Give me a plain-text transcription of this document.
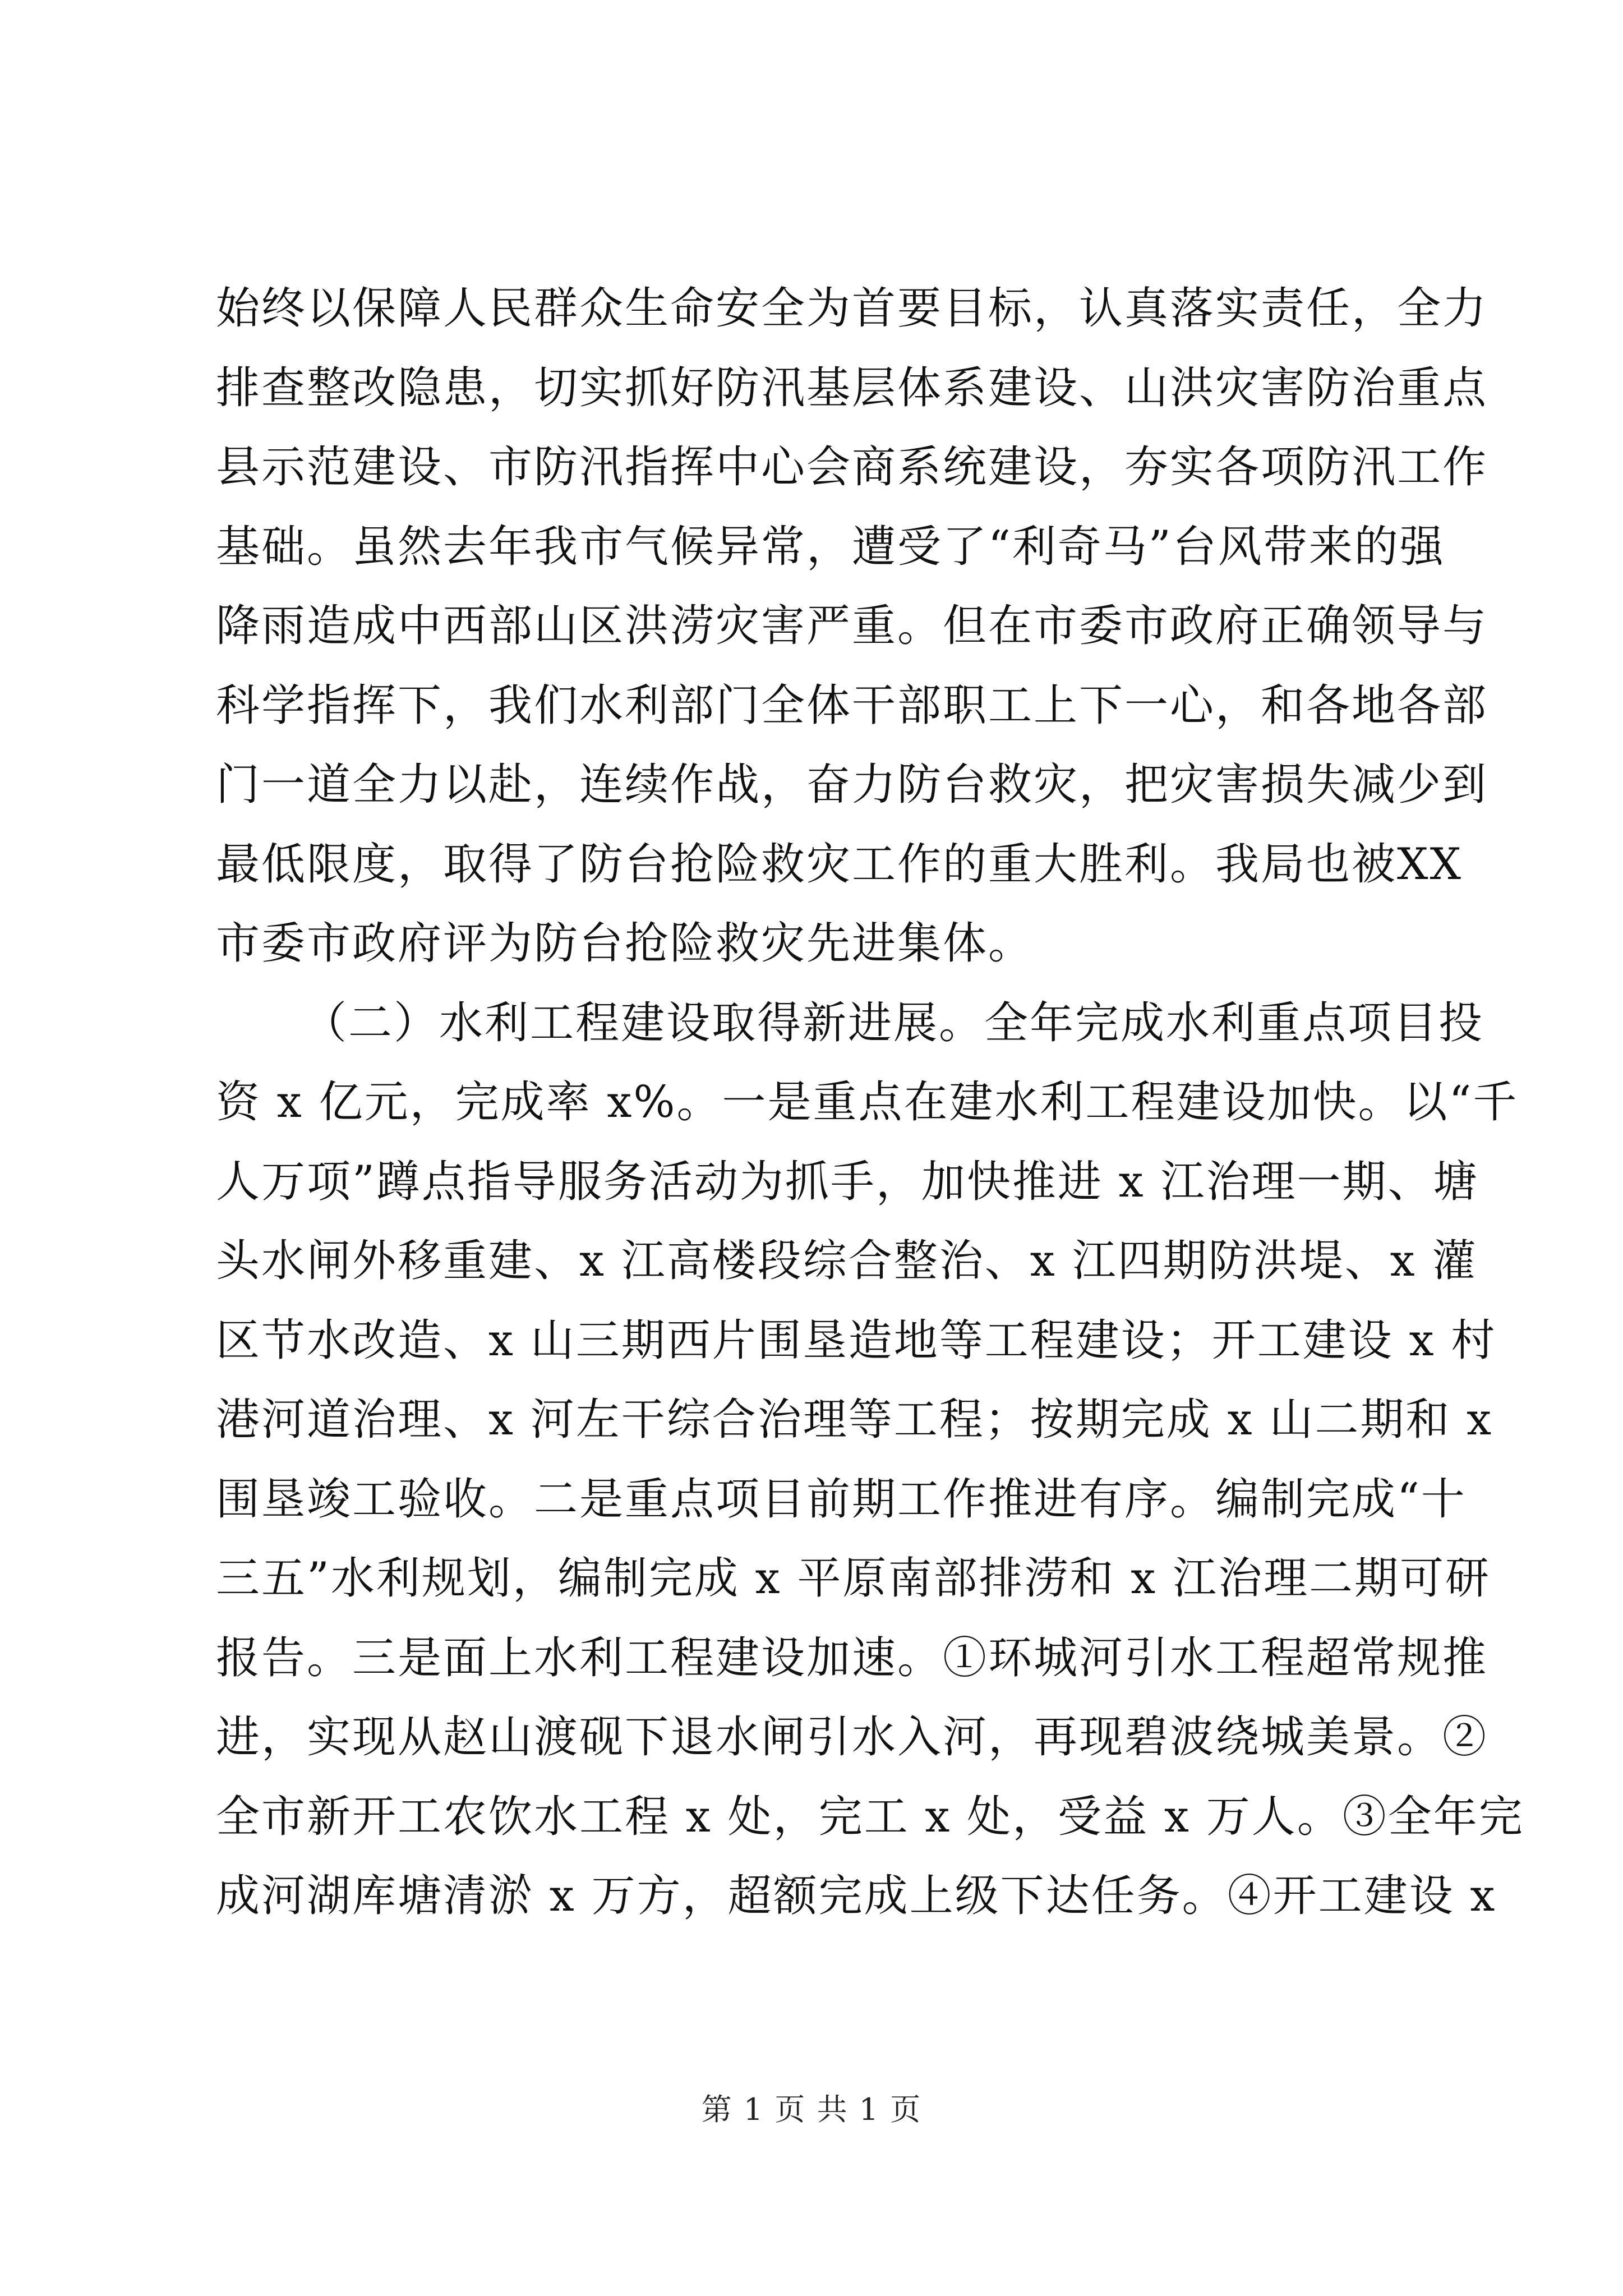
始终以保障人民群众生命安全为首要目标，认真落实责任，全力
排查整改隐患，切实抓好防汛基层体系建设、山洪灾害防治重点
县示范建设、市防汛指挥中心会商系统建设，夯实各项防汛工作
基础。虽然去年我市气候异常，遭受了“利奇马”台风带来的强
降雨造成中西部山区洪涝灾害严重。但在市委市政府正确领导与
科学指挥下，我们水利部门全体干部职工上下一心，和各地各部
门一道全力以赴，连续作战，奋力防台救灾，把灾害损失减少到
最低限度，取得了防台抢险救灾工作的重大胜利。我局也被XX
市委市政府评为防台抢险救灾先进集体。
（二）水利工程建设取得新进展。全年完成水利重点项目投
资 x 亿元，完成率 x%。一是重点在建水利工程建设加快。以“千
人万项”蹲点指导服务活动为抓手，加快推进 x 江治理一期、塘
头水闸外移重建、x 江高楼段综合整治、x 江四期防洪堤、x 灌
区节水改造、x 山三期西片围垦造地等工程建设；开工建设 x 村
港河道治理、x 河左干综合治理等工程；按期完成 x 山二期和 x
围垦竣工验收。二是重点项目前期工作推进有序。编制完成“十
三五”水利规划，编制完成 x 平原南部排涝和 x 江治理二期可研
报告。三是面上水利工程建设加速。①环城河引水工程超常规推
进，实现从赵山渡砚下退水闸引水入河，再现碧波绕城美景。②
全市新开工农饮水工程 x 处，完工 x 处，受益 x 万人。③全年完
成河湖库塘清淤 x 万方，超额完成上级下达任务。④开工建设 x
第 1 页 共 1 页
